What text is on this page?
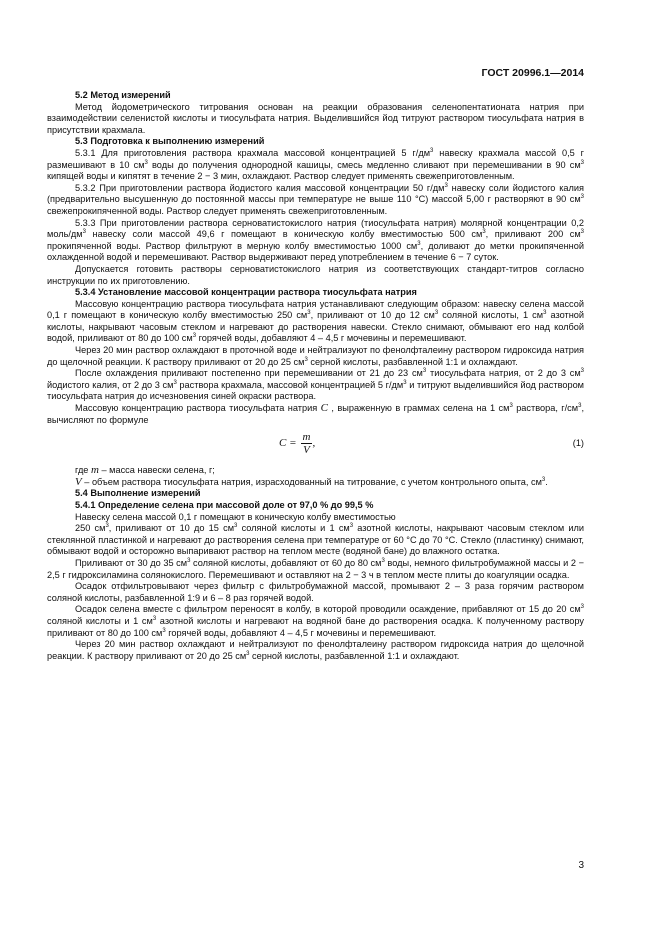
ГОСТ 20996.1—2014

5.2 Метод измерений

Метод йодометрического титрования основан на реакции образования селенопентатионата натрия при взаимодействии селенистой кислоты и тиосульфата натрия. Выделившийся йод титруют раствором тиосульфата натрия в присутствии крахмала.

5.3 Подготовка к выполнению измерений

5.3.1 Для приготовления раствора крахмала массовой концентрацией 5 $г/дм^3$ навеску крахмала массой 0,5 г размешивают в 10 $см^3$ воды до получения однородной кашицы, смесь медленно сливают при перемешивании в 90 $см^3$ кипящей воды и кипятят в течение 2 − 3 мин, охлаждают. Раствор следует применять свежеприготовленным.

5.3.2 При приготовлении раствора йодистого калия массовой концентрации 50 $г/дм^3$ навеску соли йодистого калия (предварительно высушенную до постоянной массы при температуре не выше 110 °С) массой 5,00 г растворяют в 90 $см^3$ свежепрокипяченной воды. Раствор следует применять свежеприготовленным.

5.3.3 При приготовлении раствора серноватистокислого натрия (тиосульфата натрия) молярной концентрации 0,2 моль/$дм^3$ навеску соли массой 49,6 г помещают в коническую колбу вместимостью 500 $см^3$, приливают 200 $см^3$ прокипяченной воды. Раствор фильтруют в мерную колбу вместимостью 1000 $см^3$, доливают до метки прокипяченной охлажденной водой и перемешивают. Раствор выдерживают перед употреблением в течение 6 − 7 суток.

Допускается готовить растворы серноватистокислого натрия из соответствующих стандарт-титров согласно инструкции по их приготовлению.

5.3.4 Установление массовой концентрации раствора тиосульфата натрия

Массовую концентрацию раствора тиосульфата натрия устанавливают следующим образом: навеску селена массой 0,1 г помещают в коническую колбу вместимостью 250 $см^3$, приливают от 10 до 12 $см^3$ соляной кислоты, 1 $см^3$ азотной кислоты, накрывают часовым стеклом и нагревают до растворения навески. Стекло снимают, обмывают его над колбой водой, приливают от 80 до 100 $см^3$ горячей воды, добавляют 4 – 4,5 г мочевины и перемешивают.

Через 20 мин раствор охлаждают в проточной воде и нейтрализуют по фенолфталеину раствором гидроксида натрия до щелочной реакции. К раствору приливают от 20 до 25 $см^3$ серной кислоты, разбавленной 1:1 и охлаждают.

После охлаждения приливают постепенно при перемешивании от 21 до 23 $см^3$ тиосульфата натрия, от 2 до 3 $см^3$ йодистого калия, от 2 до 3 $см^3$ раствора крахмала, массовой концентрацией 5 $г/дм^3$ и титруют выделившийся йод раствором тиосульфата натрия до исчезновения синей окраски раствора.

Массовую концентрацию раствора тиосульфата натрия C , выраженную в граммах селена на 1 $см^3$ раствора, $г/см^3$, вычисляют по формуле

$C = \frac{m}{V}$ ,	(1)

где m – масса навески селена, г;

V – объем раствора тиосульфата натрия, израсходованный на титрование, с учетом контрольного опыта, $см^3$.

5.4 Выполнение измерений

5.4.1 Определение селена при массовой доле от 97,0 % до 99,5 %

Навеску селена массой 0,1 г помещают в коническую колбу вместимостью

250 $см^3$, приливают от 10 до 15 $см^3$ соляной кислоты и 1 $см^3$ азотной кислоты, накрывают часовым стеклом или стеклянной пластинкой и нагревают до растворения селена при температуре от 60 °С до 70 °С. Стекло (пластинку) снимают, обмывают водой и осторожно выпаривают раствор на теплом месте (водяной бане) до влажного остатка.

Приливают от 30 до 35 $см^3$ соляной кислоты, добавляют от 60 до 80 $см^3$ воды, немного фильтробумажной массы и 2 − 2,5 г гидроксиламина солянокислого. Перемешивают и оставляют на 2 − 3 ч в теплом месте плиты до коагуляции осадка.

Осадок отфильтровывают через фильтр с фильтробумажной массой, промывают 2 – 3 раза горячим раствором соляной кислоты, разбавленной 1:9 и 6 – 8 раз горячей водой.

Осадок селена вместе с фильтром переносят в колбу, в которой проводили осаждение, прибавляют от 15 до 20 $см^3$ соляной кислоты и 1 $см^3$ азотной кислоты и нагревают на водяной бане до растворения осадка. К полученному раствору приливают от 80 до 100 $см^3$ горячей воды, добавляют 4 – 4,5 г мочевины и перемешивают.

Через 20 мин раствор охлаждают и нейтрализуют по фенолфталеину раствором гидроксида натрия до щелочной реакции. К раствору приливают от 20 до 25 $см^3$ серной кислоты, разбавленной 1:1 и охлаждают.

3
